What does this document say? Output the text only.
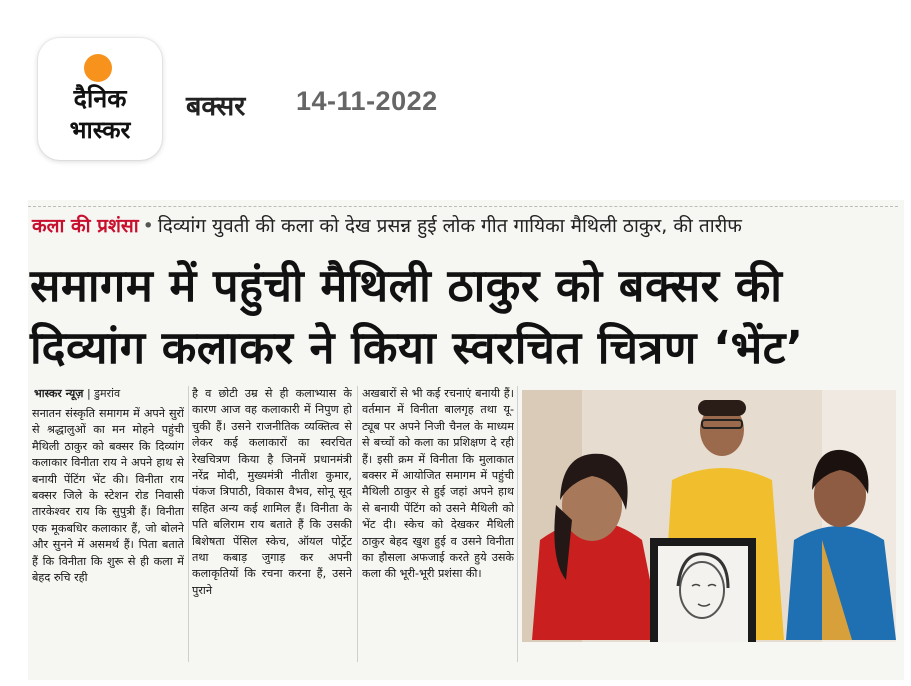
दैनिक
भास्कर
बक्सर 14-11-2022
कला की प्रशंसा • दिव्यांग युवती की कला को देख प्रसन्न हुई लोक गीत गायिका मैथिली ठाकुर, की तारीफ
समागम में पहुंची मैथिली ठाकुर को बक्सर की
दिव्यांग कलाकर ने किया स्वरचित चित्रण ‘भेंट’
भास्कर न्यूज़ | डुमरांव
सनातन संस्कृति समागम में अपने सुरों से श्रद्धालुओं का मन मोहने पहुंची मैथिली ठाकुर को बक्सर कि दिव्यांग कलाकार विनीता राय ने अपने हाथ से बनायी पेंटिंग भेंट की। विनीता राय बक्सर जिले के स्टेशन रोड निवासी तारकेश्वर राय कि सुपुत्री हैं। विनीता एक मूकबधिर कलाकार हैं, जो बोलने और सुनने में असमर्थ हैं। पिता बताते हैं कि विनीता कि शुरू से ही कला में बेहद रुचि रही
है व छोटी उम्र से ही कलाभ्यास के कारण आज वह कलाकारी में निपुण हो चुकी हैं। उसने राजनीतिक व्यक्तित्व से लेकर कई कलाकारों का स्वरचित रेखचित्रण किया है जिनमें प्रधानमंत्री नरेंद्र मोदी, मुख्यमंत्री नीतीश कुमार, पंकज त्रिपाठी, विकास वैभव, सोनू सूद सहित अन्य कई शामिल हैं। विनीता के पति बलिराम राय बताते हैं कि उसकी बिशेषता पेंसिल स्केच, ऑयल पोर्ट्रेट तथा कबाड़ जुगाड़ कर अपनी कलाकृतियों कि रचना करना हैं, उसने पुराने
अखबारों से भी कई रचनाएं बनायी हैं। वर्तमान में विनीता बालगृह तथा यू-ट्यूब पर अपने निजी चैनल के माध्यम से बच्चों को कला का प्रशिक्षण दे रही हैं। इसी क्रम में विनीता कि मुलाकात बक्सर में आयोजित समागम में पहुंची मैथिली ठाकुर से हुई जहां अपने हाथ से बनायी पेंटिंग को उसने मैथिली को भेंट दी। स्केच को देखकर मैथिली ठाकुर बेहद खुश हुई व उसने विनीता का हौसला अफजाई करते हुये उसके कला की भूरी-भूरी प्रशंसा की।
